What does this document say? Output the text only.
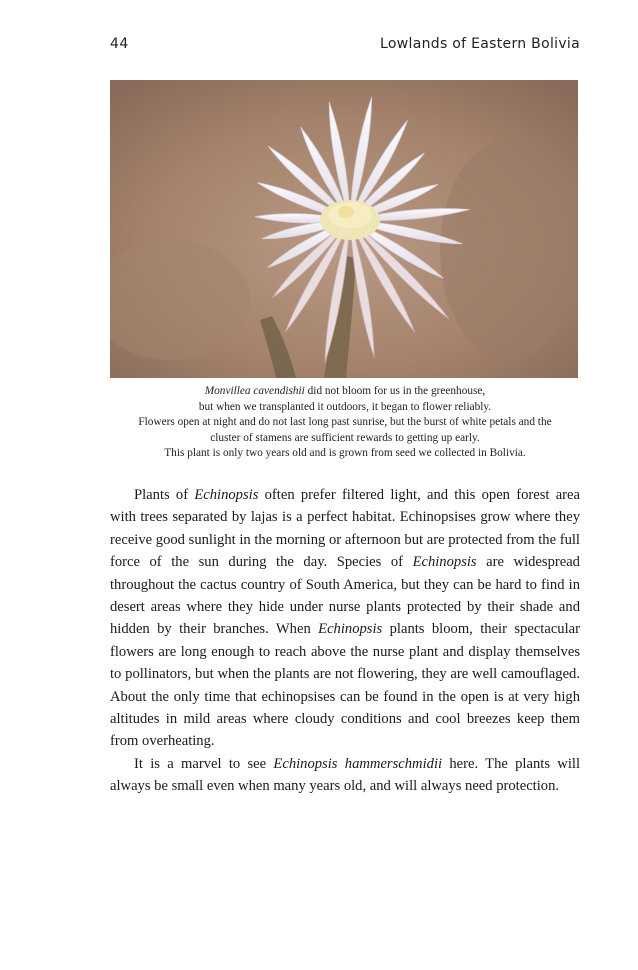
44	Lowlands of Eastern Bolivia
Monvillea cavendishii did not bloom for us in the greenhouse,
but when we transplanted it outdoors, it began to flower reliably.
Flowers open at night and do not last long past sunrise, but the burst of white petals and the
cluster of stamens are sufficient rewards to getting up early.
This plant is only two years old and is grown from seed we collected in Bolivia.

Plants of Echinopsis often prefer filtered light, and this open forest area with trees separated by lajas is a perfect habitat. Echinopsises grow where they receive good sunlight in the morning or afternoon but are protected from the full force of the sun during the day. Species of Echinopsis are widespread throughout the cactus country of South America, but they can be hard to find in desert areas where they hide under nurse plants protected by their shade and hidden by their branches. When Echinopsis plants bloom, their spectacular flowers are long enough to reach above the nurse plant and display themselves to pollinators, but when the plants are not flowering, they are well camouflaged. About the only time that echinopsises can be found in the open is at very high altitudes in mild areas where cloudy conditions and cool breezes keep them from overheating.

It is a marvel to see Echinopsis hammerschmidii here. The plants will always be small even when many years old, and will always need protection.
